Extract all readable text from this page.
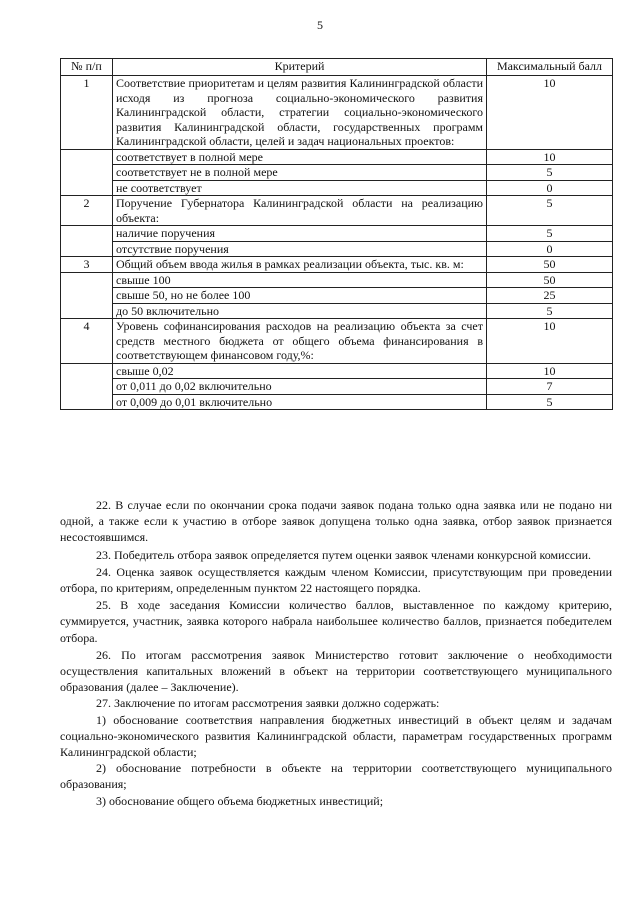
5
№ п/п	Критерий	Максимальный балл
1	Соответствие приоритетам и целям развития Калининградской области исходя из прогноза социально-экономического развития Калининградской области, стратегии социально-экономического развития Калининградской области, государственных программ Калининградской области, целей и задач национальных проектов:	10
	соответствует в полной мере	10
	соответствует не в полной мере	5
	не соответствует	0
2	Поручение Губернатора Калининградской области на реализацию объекта:	5
	наличие поручения	5
	отсутствие поручения	0
3	Общий объем ввода жилья в рамках реализации объекта, тыс. кв. м:	50
	свыше 100	50
	свыше 50, но не более 100	25
	до 50 включительно	5
4	Уровень софинансирования расходов на реализацию объекта за счет средств местного бюджета от общего объема финансирования в соответствующем финансовом году,%:	10
	свыше 0,02	10
	от 0,011 до 0,02 включительно	7
	от 0,009 до 0,01 включительно	5

22. В случае если по окончании срока подачи заявок подана только одна заявка или не подано ни одной, а также если к участию в отборе заявок допущена только одна заявка, отбор заявок признается несостоявшимся.

23. Победитель отбора заявок определяется путем оценки заявок членами конкурсной комиссии.

24. Оценка заявок осуществляется каждым членом Комиссии, присутствующим при проведении отбора, по критериям, определенным пунктом 22 настоящего порядка.

25. В ходе заседания Комиссии количество баллов, выставленное по каждому критерию, суммируется, участник, заявка которого набрала наибольшее количество баллов, признается победителем отбора.

26. По итогам рассмотрения заявок Министерство готовит заключение о необходимости осуществления капитальных вложений в объект на территории соответствующего муниципального образования (далее – Заключение).

27. Заключение по итогам рассмотрения заявки должно содержать:

1) обоснование соответствия направления бюджетных инвестиций в объект целям и задачам социально-экономического развития Калининградской области, параметрам государственных программ Калининградской области;

2) обоснование потребности в объекте на территории соответствующего муниципального образования;

3) обоснование общего объема бюджетных инвестиций;
